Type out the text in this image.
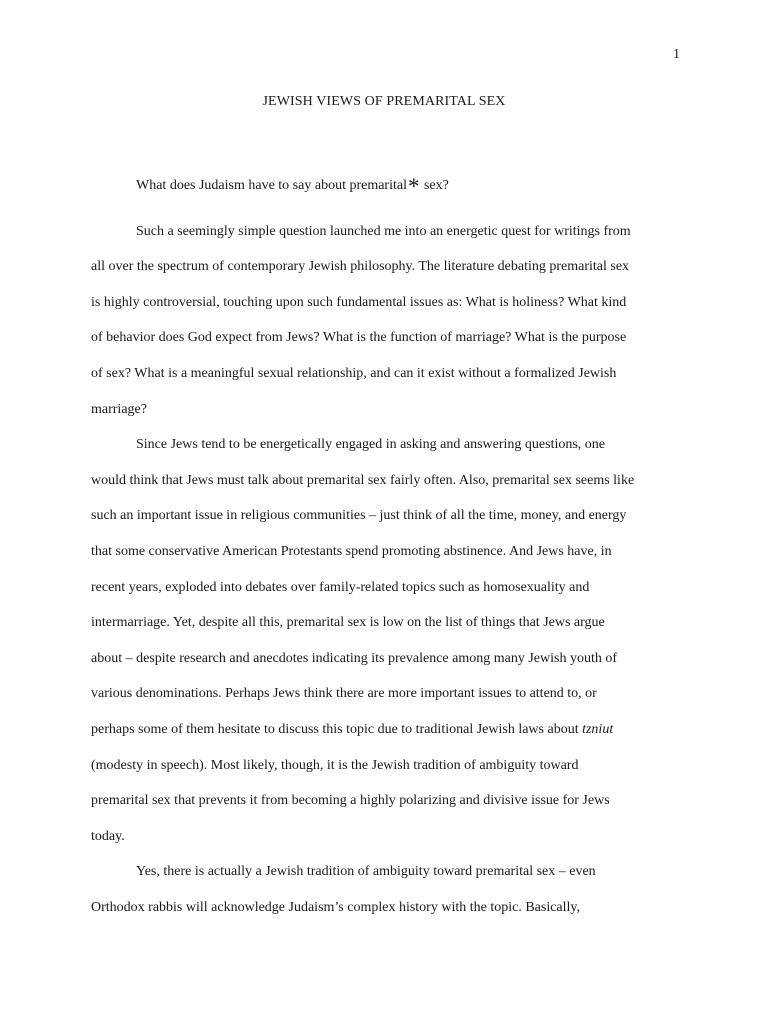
1
JEWISH VIEWS OF PREMARITAL SEX
What does Judaism have to say about premarital* sex?
Such a seemingly simple question launched me into an energetic quest for writings from
all over the spectrum of contemporary Jewish philosophy. The literature debating premarital sex
is highly controversial, touching upon such fundamental issues as: What is holiness? What kind
of behavior does God expect from Jews? What is the function of marriage? What is the purpose
of sex? What is a meaningful sexual relationship, and can it exist without a formalized Jewish
marriage?
Since Jews tend to be energetically engaged in asking and answering questions, one
would think that Jews must talk about premarital sex fairly often. Also, premarital sex seems like
such an important issue in religious communities – just think of all the time, money, and energy
that some conservative American Protestants spend promoting abstinence. And Jews have, in
recent years, exploded into debates over family-related topics such as homosexuality and
intermarriage. Yet, despite all this, premarital sex is low on the list of things that Jews argue
about – despite research and anecdotes indicating its prevalence among many Jewish youth of
various denominations. Perhaps Jews think there are more important issues to attend to, or
perhaps some of them hesitate to discuss this topic due to traditional Jewish laws about tzniut
(modesty in speech). Most likely, though, it is the Jewish tradition of ambiguity toward
premarital sex that prevents it from becoming a highly polarizing and divisive issue for Jews
today.
Yes, there is actually a Jewish tradition of ambiguity toward premarital sex – even
Orthodox rabbis will acknowledge Judaism’s complex history with the topic. Basically,
